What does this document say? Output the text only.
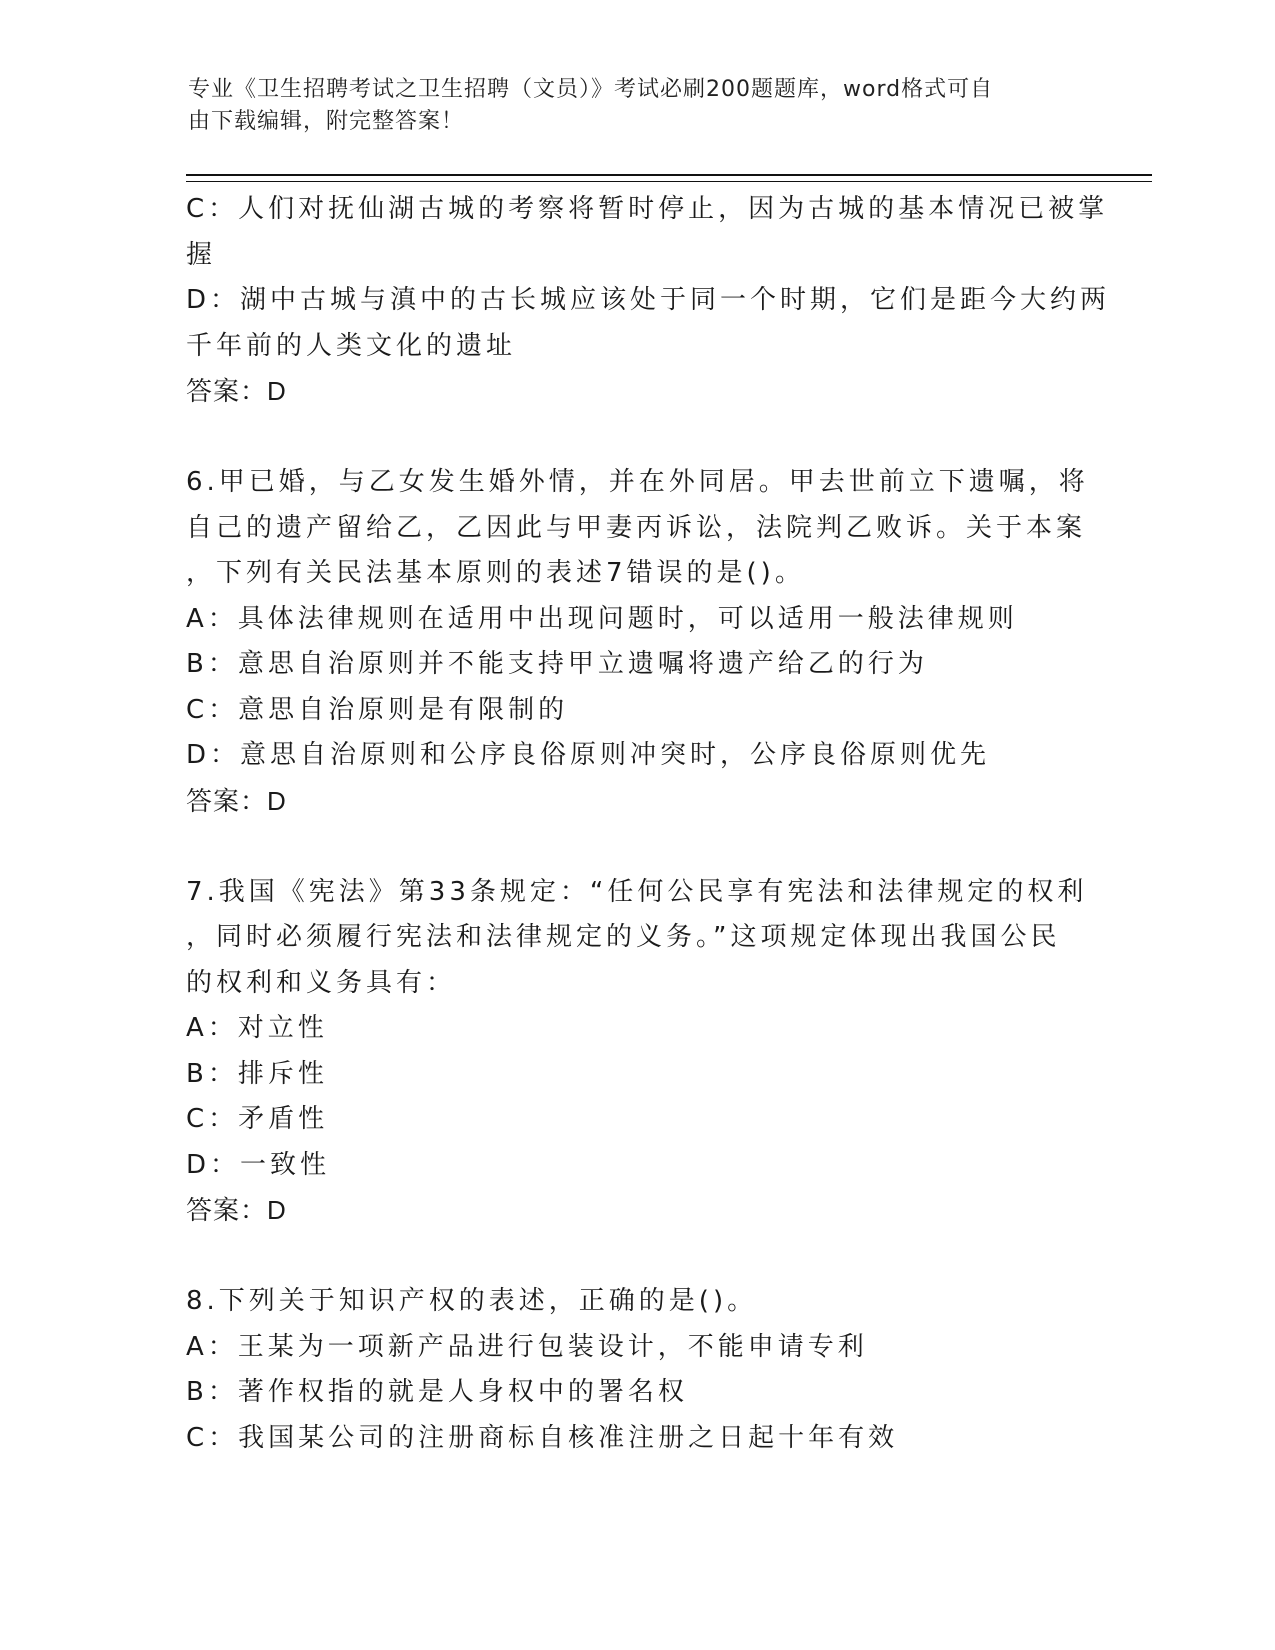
专业《卫生招聘考试之卫生招聘（文员）》考试必刷200题题库，word格式可自
由下载编辑，附完整答案！
C：人们对抚仙湖古城的考察将暂时停止，因为古城的基本情况已被掌
握
D：湖中古城与滇中的古长城应该处于同一个时期，它们是距今大约两
千年前的人类文化的遗址
答案：D
6.甲已婚，与乙女发生婚外情，并在外同居。甲去世前立下遗嘱，将
自己的遗产留给乙，乙因此与甲妻丙诉讼，法院判乙败诉。关于本案
，下列有关民法基本原则的表述7错误的是()。
A：具体法律规则在适用中出现问题时，可以适用一般法律规则
B：意思自治原则并不能支持甲立遗嘱将遗产给乙的行为
C：意思自治原则是有限制的
D：意思自治原则和公序良俗原则冲突时，公序良俗原则优先
答案：D
7.我国《宪法》第33条规定：“任何公民享有宪法和法律规定的权利
，同时必须履行宪法和法律规定的义务。”这项规定体现出我国公民
的权利和义务具有：
A：对立性
B：排斥性
C：矛盾性
D：一致性
答案：D
8.下列关于知识产权的表述，正确的是()。
A：王某为一项新产品进行包装设计，不能申请专利
B：著作权指的就是人身权中的署名权
C：我国某公司的注册商标自核准注册之日起十年有效
